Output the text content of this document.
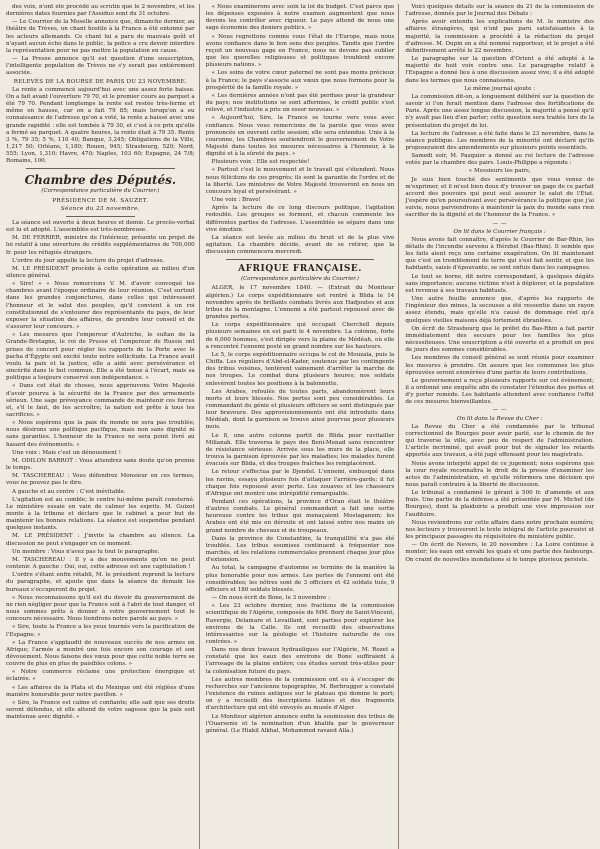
des voix, n'ont été procédé au scrutin que le 2 novembre, et les dernières dates fournies par l'Assiduo sont du 31 octobre.

— Le Courrier de la Moselle annonce que, dimanche dernier, au théâtre de Trèves, un chant hostile à la France a été entonné par les acteurs allemands. Ce chant lui a paru de mauvais goût et n'ayant aucun écho dans le public, la police a cru devoir interdire la représentation pour ne pas mettre la population en cause.

— La Presse annonce qu'il est question d'une souscription, l'intelligente population de Trèves ne s'y serait pas entièrement associée.

RELEVÉS DE LA BOURSE DE PARIS DU 23 NOVEMBRE.

La rente a commencé aujourd'hui avec une assez forte baisse. On a fait avant l'ouverture 79 70, et le premier cours au parquet a été 79 70. Pendant longtemps la rente est restée très-ferme et même en hausse, car on a fait 79 85; mais lorsqu'on a eu connaissance de l'adresse qu'on a voté, la rente a baissé avec une grande rapidité : elle est tombée à 79 30, et c'est à ce prix qu'elle a fermé au parquet. A quatre heures, la rente était à 79 35. Rente 3 %, 79 35; 5 %, 110 40; Banque, 3,245; Obligations de la Ville, 1,217 50; Orléans, 1,180; Rouen, 945; Strasbourg, 520; Nord, 555; Lyon, 1,310; Havre, 470; Naples, 103 60; Espagne, 24 7/8; Romains, 100.

Chambre des Députés.
(Correspondance particulière du Courrier.)
PRÉSIDENCE DE M. SAUZET.
Séance du 23 novembre.

La séance est ouverte à deux heures et demie. Le procès-verbal est lu et adopté. L'assemblée est très-nombreuse.

M. DE FERRIER, ministre de l'intérieur, présente un projet de loi relatif à une ouverture de crédits supplémentaires de 700,000 fr. pour les réfugiés étrangers.

L'ordre du jour appelle la lecture du projet d'adresse.

M. LE PRÉSIDENT procède à cette opération au milieu d'un silence général.

« Sire! » « Nous remercions V. M. d'avoir convoqué les chambres avant l'époque ordinaire de leur réunion. C'est surtout dans les grandes conjonctures, dans celles qui intéressent l'honneur et le salut des peuples, qu'il convient à un roi constitutionnel de s'entourer des représentants du pays, de leur exposer la situation des affaires, de prendre leur conseil et de s'assurer leur concours. »

« Les mesures que l'empereur d'Autriche, le sultan de la Grande-Bretagne, le roi de Prusse et l'empereur de Russie ont prises de concert pour régler les rapports de la Porte avec le pacha d'Égypte ont excité toute notre sollicitude. La France avait voulu la paix et la justice, elle a aidé avec persévérance et sincérité dans le but commun. Elle a été tenue à l'écart, mais sa politique a toujours conservé son indépendance. »

« Dans cet état de choses, nous approuvons Votre Majesté d'avoir pourvu à la sécurité de la France par des armements sérieux. Une sage prévoyance commande de maintenir ces forces et, s'il le faut, de les accroître; la nation est prête à tous les sacrifices. »

« Nous espérons que la paix du monde ne sera pas troublée; nous désirons une politique pacifique, mais non sans dignité ni sans garanties. L'honneur de la France ne sera point livré au hasard des événements. »

Une voix : Mais c'est un dénouement !

M. ODILON BARROT : Vous attendrez sans doute qu'on prenne le temps.

M. TASCHEREAU : Vous défendrez Monsieur en ces termes, vous ne pouvez pas le dire.

A gauche et au centre : C'est inévitable.

L'agitation est au comble; le centre lui-même paraît consterné. Le ministère essaie en vain de calmer les esprits. M. Guizot monte à la tribune et déclare que le cabinet a pour but de maintenir les bonnes relations. La séance est suspendue pendant quelques instants.

M. LE PRÉSIDENT : J'invite la chambre au silence. La discussion ne peut s'engager en ce moment.

Un membre : Vous n'avez pas lu tout le paragraphe.

M. TASCHEREAU : Il y a des mouvements qu'on ne peut contenir. A gauche : Oui, oui, cette adresse est une capitulation !

L'ordre s'étant enfin rétabli, M. le président reprend la lecture du paragraphe, et ajoute que dans la séance de demain les bureaux s'occuperont du projet.

« Nous reconnaissons qu'il est du devoir du gouvernement de ne rien négliger pour que la France soit à l'abri de tout danger, et nous sommes prêts à donner à votre gouvernement tout le concours nécessaire. Nous tiendrons notre parole au pays. »

« Sire, toute la France a les yeux tournés vers la pacification de l'Espagne. »

« La France s'applaudit de nouveaux succès de nos armes en Afrique; l'armée a montré une fois encore son courage et son dévouement. Nous faisons des vœux pour que cette noble terre se couvre de plus en plus de paisibles colons. »

« Notre commerce réclame une protection énergique et éclairée. »

« Les affaires de la Plata et du Mexique ont été réglées d'une manière honorable pour notre pavillon. »

« Sire, la France est calme et confiante; elle sait que ses droits seront défendus, et elle attend de votre sagesse que la paix soit maintenue avec dignité. »

« Nous examinerons avec soin la loi du budget. C'est parce que les dépenses exposées à notre examen augmentent que nous devons les contrôler avec rigueur. Le pays attend de nous une sage économie des deniers publics. »

« Nous regrettons comme vous l'état de l'Europe, mais nous avons confiance dans le bon sens des peuples. Tandis que l'ordre reçoit un nouveau gage en France, nous ne devons pas oublier que les querelles religieuses et politiques troublent encore plusieurs nations. »

« Les soins de votre cœur paternel ne sont pas moins précieux à la France; le pays s'associe aux vœux que nous formons pour la prospérité de la famille royale. »

« Les dernières années n'ont pas été perdues pour la grandeur du pays; nos institutions se sont affermies, le crédit public s'est relevé, et l'industrie a pris un essor nouveau. »

« Aujourd'hui, Sire, la France se tourne vers vous avec confiance. Nous vous remercions de la parole que vous avez prononcée en ouvrant cette session; elle sera entendue. Unis à la couronne, les Chambres soutiendront le gouvernement de Votre Majesté dans toutes les mesures nécessaires à l'honneur, à la dignité et à la sûreté du pays. »

Plusieurs voix : Elle est respectée!

« Partout c'est le mouvement et le travail qui s'étendent. Nous nous félicitons de ces progrès; ils sont la garantie de l'ordre et de la liberté. Les ministres de Votre Majesté trouveront en nous un concours loyal et persévérant. »

Une voix : Bravo!

Après la lecture de ce long discours politique, l'agitation redouble. Les groupes se forment, et chacun commente les différentes parties de l'adresse. L'assemblée se sépare dans une vive émotion.

La séance est levée au milieu du bruit et de la plus vive agitation. La chambre décide, avant de se retirer, que la discussion commencera mercredi.

AFRIQUE FRANÇAISE.
(Correspondance particulière du Courrier.)

ALGER, le 17 novembre 1840. — (Extrait du Moniteur algérien.) Le corps expéditionnaire est rentré à Blida le 14 novembre après de brillants combats livrés aux Hadjoutes et aux tribus de la montagne. L'ennemi a été partout repoussé avec de grandes pertes.

Le corps expéditionnaire qui occupait Cherchell depuis plusieurs semaines en est parti le 4 novembre. La colonne, forte de 6,000 hommes, s'est dirigée vers la plaine de Médéah, où elle a rencontré l'ennemi posté en grand nombre sur les hauteurs.

Le 5, le corps expéditionnaire occupa le col de Mouzaïa, puis la Chiffa. Les réguliers d'Abd-el-Kader, soutenus par les contingents des tribus voisines, tentèrent vainement d'arrêter la marche de nos troupes. Le combat dura plusieurs heures; nos soldats enlevèrent toutes les positions à la baïonnette.

Les Arabes, refoulés de toutes parts, abandonnèrent leurs morts et leurs blessés. Nos pertes sont peu considérables. Le commandant du génie et plusieurs officiers se sont distingués par leur bravoure. Des approvisionnements ont été introduits dans Médéah, dont la garnison se trouve ainsi pourvue pour plusieurs mois.

Le 8, une autre colonne partit de Blida pour ravitailler Milianah. Elle traversa le pays des Beni-Menad sans rencontrer de résistance sérieuse. Arrivée sous les murs de la place, elle trouva la garnison éprouvée par les maladies; les malades furent évacués sur Blida, et des troupes fraîches les remplacèrent.

Le retour s'effectua par le Djendel. L'ennemi, embusqué dans les ravins, essaya plusieurs fois d'attaquer l'arrière-garde; il fut chaque fois repoussé avec perte. Les zouaves et les chasseurs d'Afrique ont montré une intrépidité remarquable.

Pendant ces opérations, la province d'Oran était le théâtre d'autres combats. Le général commandant a fait une sortie heureuse contre les tribus qui menaçaient Mostaganem; les Arabes ont été mis en déroute et ont laissé entre nos mains un grand nombre de chevaux et de troupeaux.

Dans la province de Constantine, la tranquillité n'a pas été troublée. Les tribus soumises continuent à fréquenter nos marchés, et les relations commerciales prennent chaque jour plus d'extension.

Au total, la campagne d'automne se termine de la manière la plus honorable pour nos armes. Les pertes de l'ennemi ont été considérables; les nôtres sont de 3 officiers et 42 soldats tués, 9 officiers et 180 soldats blessés.

— On nous écrit de Bone, le 3 novembre :

« Les 23 octobre dernier, nos fractions de la commission scientifique de l'Algérie, composée de MM. Bory de Saint-Vincent, Ravergie, Delamare et Levaillant, sont parties pour explorer les environs de la Calle. Ils ont recueilli des observations intéressantes sur la géologie et l'histoire naturelle de ces contrées. »

Dans nos deux travaux hydrauliques sur l'Algérie, M. Rozet a constaté que les eaux des environs de Bone suffiraient à l'arrosage de la plaine entière; ces études seront très-utiles pour la colonisation future du pays.

Les autres membres de la commission ont eu à s'occuper de recherches sur l'ancienne topographie, M. Berbrugger a constaté l'existence de ruines antiques sur le plateau qui domine le port; on y a recueilli des inscriptions latines et des fragments d'architecture qui ont été envoyés au musée d'Alger.

Le Moniteur algérien annonce enfin la soumission des tribus de l'Ouarsenis et la nomination d'un khalifa par le gouverneur général. (Le Hiakil Alkhal, Mohammed ravaed Alla.)

Voici quelques détails sur la séance du 21 de la commission de l'adresse, donnés par le Journal des Débats :

Après avoir entendu les explications de M. le ministre des affaires étrangères, qui n'ont pas paru satisfaisantes à la majorité, la commission a procédé à la rédaction du projet d'adresse. M. Dupin en a été nommé rapporteur, et le projet a été définitivement arrêté le 22 novembre.

Le paragraphe sur la question d'Orient a été adopté à la majorité de huit voix contre une. Le paragraphe relatif à l'Espagne a donné lieu à une discussion assez vive; il a été adopté dans les termes que nous connaissons.

Le même journal ajoute :

La commission dit-on, a longuement délibéré sur la question de savoir si l'on ferait mention dans l'adresse des fortifications de Paris. Après une assez longue discussion, la majorité a pensé qu'il n'y avait pas lieu d'en parler; cette question sera traitée lors de la présentation du projet de loi.

La lecture de l'adresse a été faite dans le 23 novembre, dans la séance publique. Les membres de la minorité ont déclaré qu'ils proposeraient des amendements sur plusieurs points essentiels.

Samedi soir, M. Pasquier a donné au roi lecture de l'adresse votée par la chambre des pairs. Louis-Philippe a répondu :

« Messieurs les pairs,

Je suis bien touché des sentiments que vous venez de m'exprimer, et il m'est bien doux d'y trouver un gage de ce parfait accord des pouvoirs qui peut seul assurer le salut de l'État. J'espère qu'en poursuivant avec persévérance la politique que j'ai suivie, nous parviendrons à maintenir la paix du monde sans rien sacrifier de la dignité et de l'honneur de la France. »

— —

On lit dans le Courrier français :

Nous avons fait connaître, d'après le Courrier de Bar-Rhin, les détails de l'incendie survenu à Hérzbel (Bas-Rhin). Il semble que les faits aient reçu une certaine exagération. On lit maintenant que c'est un tremblement de terre qui s'est fait sentir, et que les habitants, saisis d'épouvante, se sont enfuis dans les campagnes.

Le tout se borne, dit notre correspondant, à quelques dégâts sans importance; aucune victime n'est à déplorer, et la population est revenue à ses travaux habituels.

Une autre feuille annonce que, d'après les rapports de l'ingénieur des mines, la secousse a été ressentie dans un rayon assez étendu, mais qu'elle n'a causé de dommage réel qu'à quelques vieilles maisons déjà fortement ébranlées.

On écrit de Strasbourg que le préfet du Bas-Rhin a fait partir immédiatement des secours pour les familles les plus nécessiteuses. Une souscription a été ouverte et a produit en peu de jours des sommes considérables.

Les membres du conseil général se sont réunis pour examiner les mesures à prendre. On assure que les communes les plus éprouvées seront exonérées d'une partie de leurs contributions.

Le gouvernement a reçu plusieurs rapports sur cet événement; il a ordonné une enquête afin de constater l'étendue des pertes et d'y porter remède. Les habitants attendent avec confiance l'effet de ces mesures bienveillantes.

— —

On lit dans la Revue du Cher :

La Revue du Cher a été condamnée par le tribunal correctionnel de Bourges pour avoir parlé, sur le chemin de fer qui traverse la ville, avec peu de respect de l'administration. L'article incriminé, qui avait pour but de signaler les retards apportés aux travaux, a été jugé offensant pour les magistrats.

Nous avons interjeté appel de ce jugement; nous espérons que la cour royale reconnaîtra le droit de la presse d'examiner les actes de l'administration, et qu'elle réformera une décision qui nous paraît contraire à la liberté de discussion.

Le tribunal a condamné le gérant à 500 fr. d'amende et aux frais. Une partie de la défense a été présentée par M. Michel (de Bourges), dont la plaidoirie a produit une vive impression sur l'auditoire.

Nous reviendrons sur cette affaire dans notre prochain numéro; nos lecteurs y trouveront le texte intégral de l'article poursuivi et les principaux passages du réquisitoire du ministère public.

— On écrit de Nevers, le 20 novembre : La Loire continue à monter; les eaux ont envahi les quais et une partie des faubourgs. On craint de nouvelles inondations si le temps pluvieux persiste.
